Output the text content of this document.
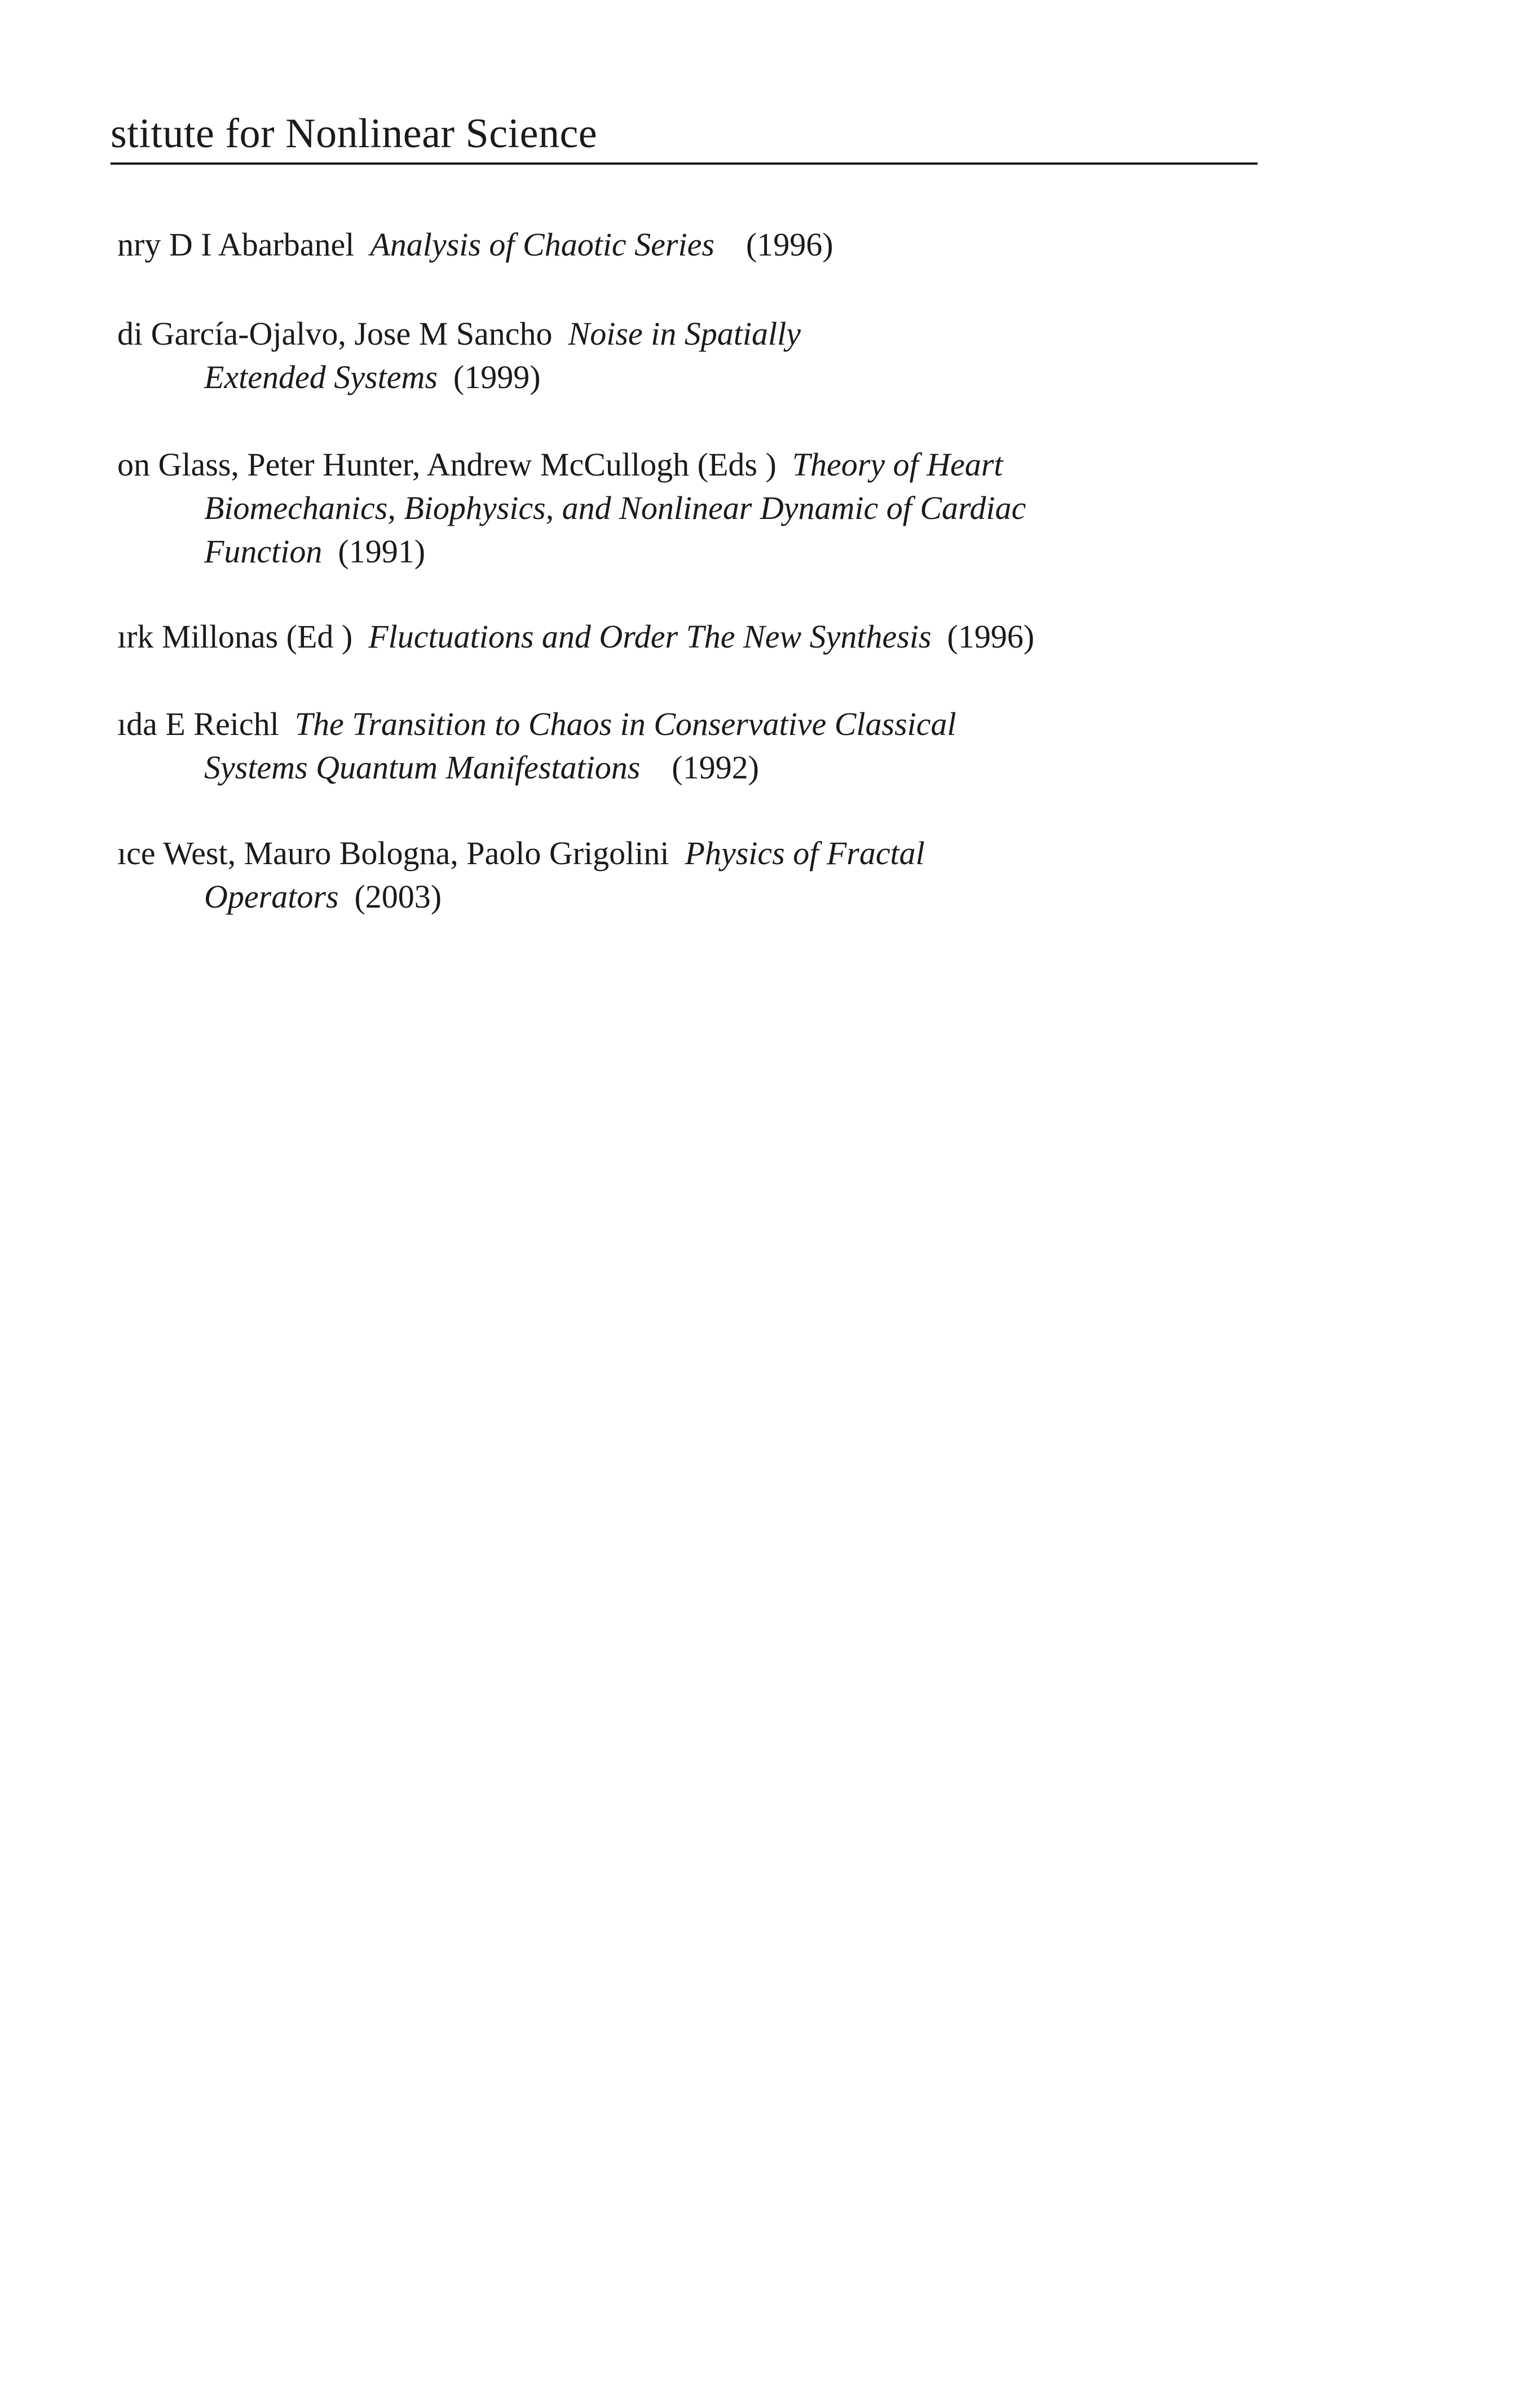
stitute for Nonlinear Science
nry D I Abarbanel Analysis of Chaotic Series (1996)
di García-Ojalvo, Jose M Sancho Noise in Spatially
Extended Systems (1999)
on Glass, Peter Hunter, Andrew McCullogh (Eds ) Theory of Heart
Biomechanics, Biophysics, and Nonlinear Dynamic of Cardiac
Function (1991)
ırk Millonas (Ed ) Fluctuations and Order The New Synthesis (1996)
ıda E Reichl The Transition to Chaos in Conservative Classical
Systems Quantum Manifestations (1992)
ıce West, Mauro Bologna, Paolo Grigolini Physics of Fractal
Operators (2003)
